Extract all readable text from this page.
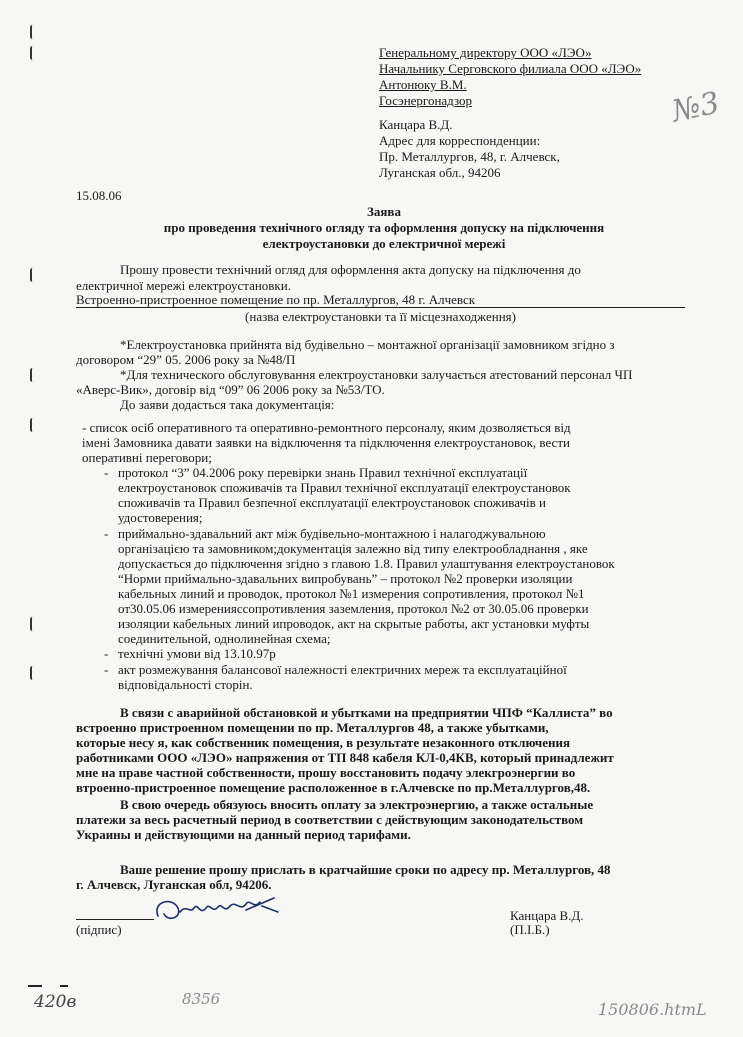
Генеральному директору ООО «ЛЭО»
Начальнику Серговского филиала ООО «ЛЭО»
Антонюку В.М.
Госэнергонадзор
Канцара В.Д.
Адрес для корреспонденции:
Пр. Металлургов, 48, г. Алчевск,
Луганская обл., 94206
15.08.06
Заява
про проведення технічного огляду та оформлення допуску на підключення
електроустановки до електричної мережі
Прошу провести технічний огляд для оформлення акта допуску на підключення до
електричної мережі електроустановки.
Встроенно-пристроенное помещение по пр. Металлургов, 48 г. Алчевск
(назва електроустановки та її місцезнаходження)
*Електроустановка прийнята від будівельно – монтажної організації замовником згідно з
договором “29” 05. 2006 року за №48/П
*Для технического обслуговування електроустановки залучається атестований персонал ЧП
«Аверс-Вик», договір від “09” 06 2006 року за №53/ТО.
До заяви додасться така документація:
- список осіб оперативного та оперативно-ремонтного персоналу, яким дозволяється від
імені Замовника давати заявки на відключення та підключення електроустановок, вести
оперативні переговори;
- протокол “3” 04.2006 року перевірки знань Правил технічної експлуатації
електроустановок споживачів та Правил технічної експлуатації електроустановок
споживачів та Правил безпечної експлуатації електроустановок споживачів и
удостоверения;
- приймально-здавальний акт між будівельно-монтажною і налагоджувальною
організацією та замовником;документація залежно від типу електрообладнання , яке
допускається до підключення згідно з главою 1.8. Правил улаштування електроустановок
“Норми приймально-здавальних випробувань” – протокол №2 проверки изоляции
кабельных линий и проводок, протокол №1 измерения сопротивления, протокол №1
от30.05.06 измеренияссопротивления заземления, протокол №2 от 30.05.06 проверки
изоляции кабельных линий ипроводок, акт на скрытые работы, акт установки муфты
соединительной, однолинейная схема;
- технічні умови від 13.10.97р
- акт розмежування балансової належності електричних мереж та експлуатаційної
відповідальності сторін.
В связи с аварийной обстановкой и убытками на предприятии ЧПФ “Каллиста” во
встроенно пристроенном помещении по пр. Металлургов 48, а также убытками,
которые несу я, как собственник помещения, в результате незаконного отключения
работниками ООО «ЛЭО» напряжения от ТП 848 кабеля КЛ-0,4КВ, который принадлежит
мне на праве частной собственности, прошу восстановить подачу элекгроэнергии во
втроенно-пристроенное помещение расположенное в г.Алчевске по пр.Металлургов,48.
В свою очередь обязуюсь вносить оплату за электроэнергию, а также остальные
платежи за весь расчетный период в соответствии с действующим законодательством
Украины и действующими на данный период тарифами.
Ваше решение прошу прислать в кратчайшие сроки по адресу пр. Металлургов, 48
г. Алчевск, Луганская обл, 94206.
(підпис)
Канцара В.Д.
(П.І.Б.)
№3
420в	8356
150806.htmL
